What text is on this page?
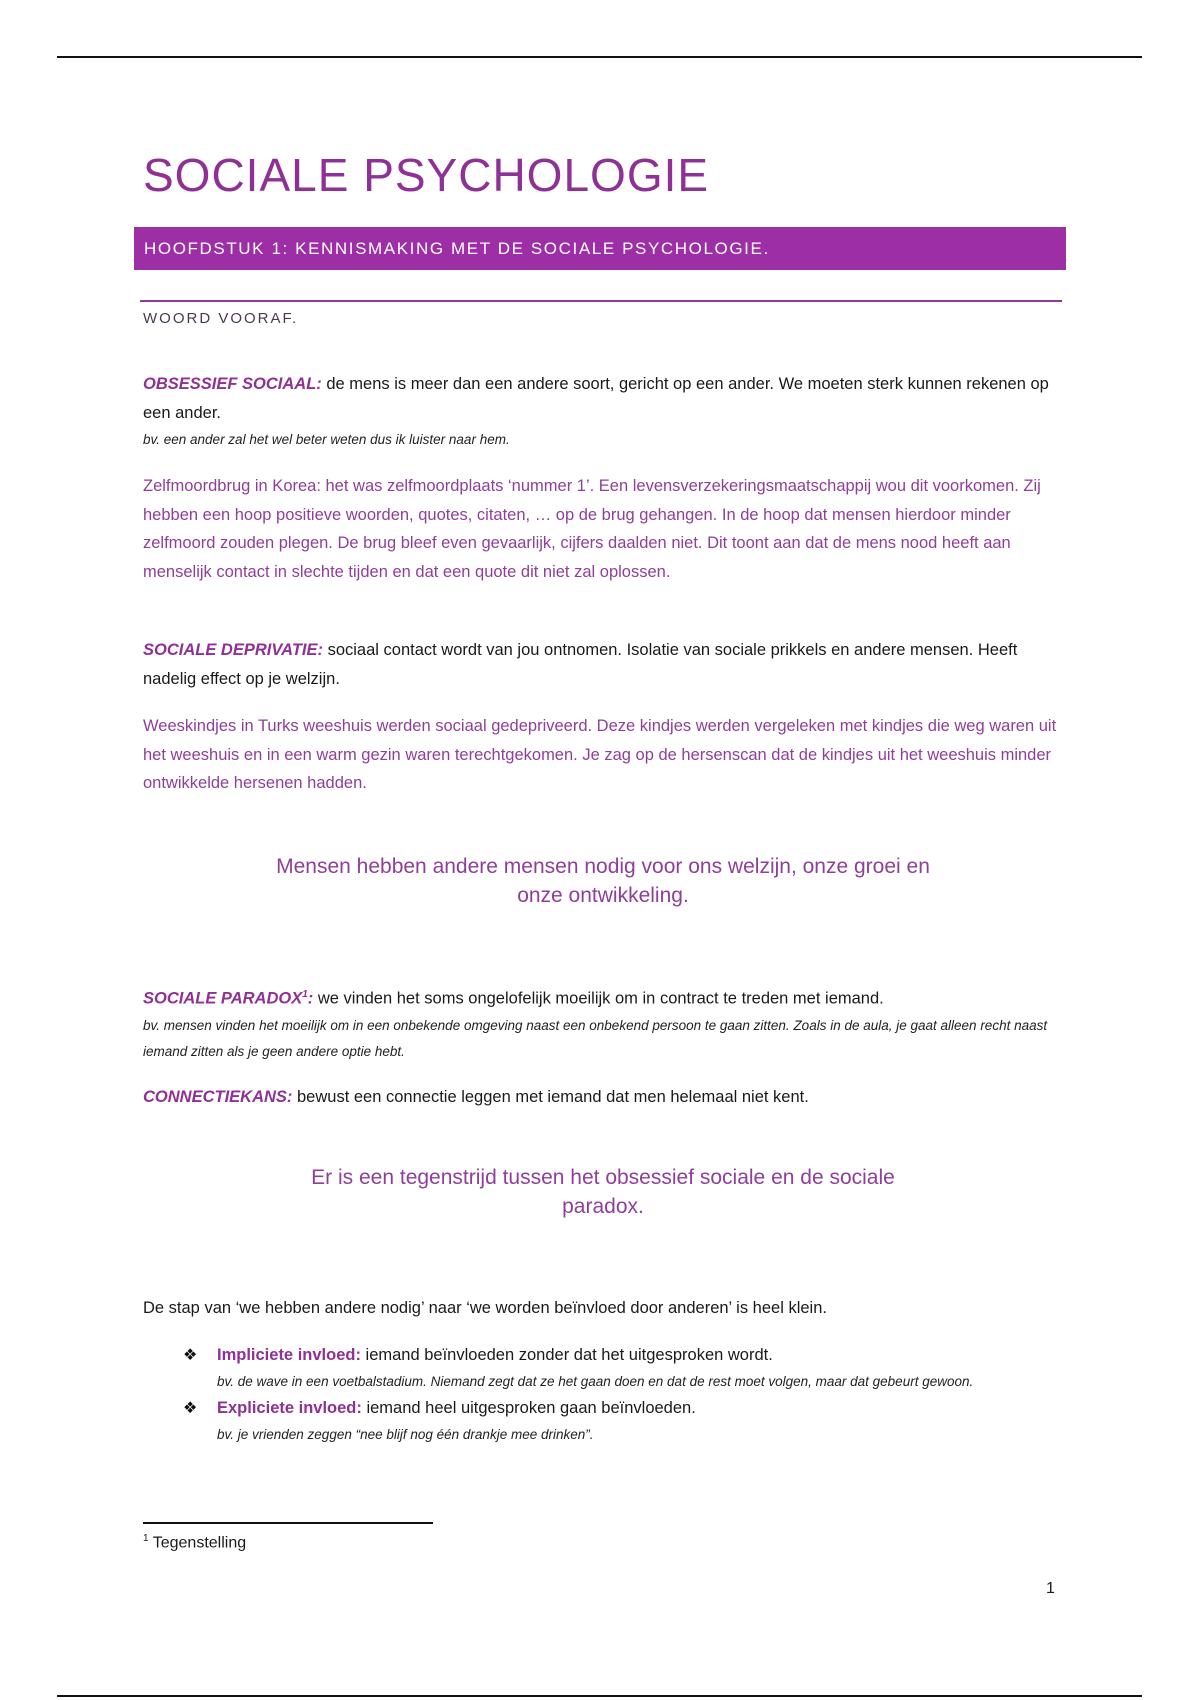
SOCIALE PSYCHOLOGIE
HOOFDSTUK 1: KENNISMAKING MET DE SOCIALE PSYCHOLOGIE.
WOORD VOORAF.
OBSESSIEF SOCIAAL: de mens is meer dan een andere soort, gericht op een ander. We moeten sterk kunnen rekenen op een ander.
bv. een ander zal het wel beter weten dus ik luister naar hem.
Zelfmoordbrug in Korea: het was zelfmoordplaats ‘nummer 1’. Een levensverzekeringsmaatschappij wou dit voorkomen. Zij hebben een hoop positieve woorden, quotes, citaten, … op de brug gehangen. In de hoop dat mensen hierdoor minder zelfmoord zouden plegen. De brug bleef even gevaarlijk, cijfers daalden niet. Dit toont aan dat de mens nood heeft aan menselijk contact in slechte tijden en dat een quote dit niet zal oplossen.
SOCIALE DEPRIVATIE: sociaal contact wordt van jou ontnomen. Isolatie van sociale prikkels en andere mensen. Heeft nadelig effect op je welzijn.
Weeskindjes in Turks weeshuis werden sociaal gedepriveerd. Deze kindjes werden vergeleken met kindjes die weg waren uit het weeshuis en in een warm gezin waren terechtgekomen. Je zag op de hersenscan dat de kindjes uit het weeshuis minder ontwikkelde hersenen hadden.
Mensen hebben andere mensen nodig voor ons welzijn, onze groei en
onze ontwikkeling.
SOCIALE PARADOX$^1$: we vinden het soms ongelofelijk moeilijk om in contract te treden met iemand.
bv. mensen vinden het moeilijk om in een onbekende omgeving naast een onbekend persoon te gaan zitten. Zoals in de aula, je gaat alleen recht naast iemand zitten als je geen andere optie hebt.
CONNECTIEKANS: bewust een connectie leggen met iemand dat men helemaal niet kent.
Er is een tegenstrijd tussen het obsessief sociale en de sociale
paradox.
De stap van ‘we hebben andere nodig’ naar ‘we worden beïnvloed door anderen’ is heel klein.
❖ Impliciete invloed: iemand beïnvloeden zonder dat het uitgesproken wordt.
bv. de wave in een voetbalstadium. Niemand zegt dat ze het gaan doen en dat de rest moet volgen, maar dat gebeurt gewoon.
❖ Expliciete invloed: iemand heel uitgesproken gaan beïnvloeden.
bv. je vrienden zeggen “nee blijf nog één drankje mee drinken”.
$^1$ Tegenstelling
1
